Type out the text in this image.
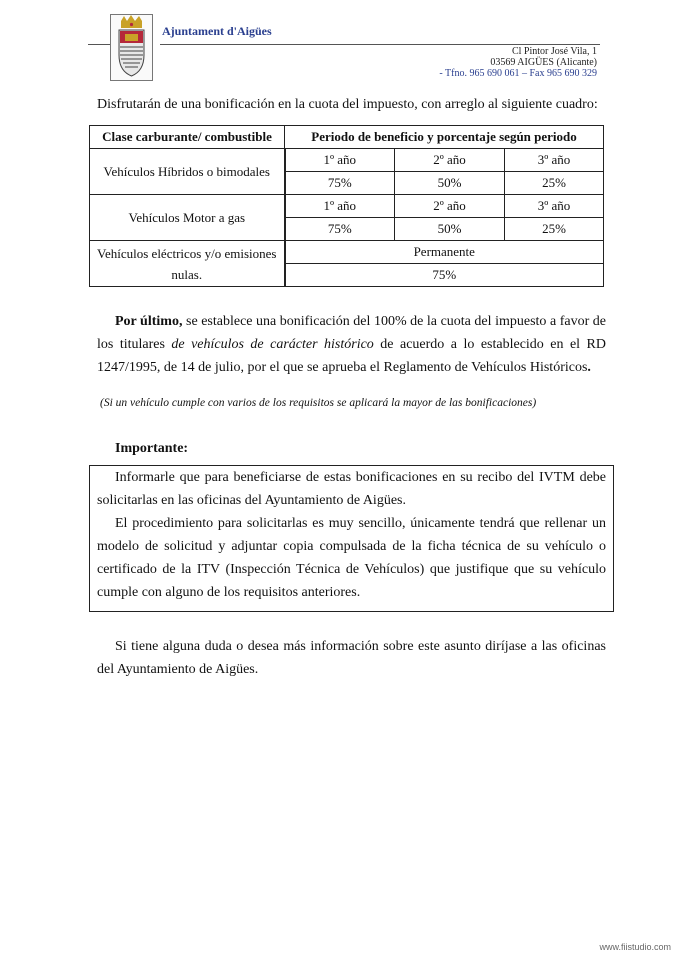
Ajuntament d'Aigües
Cl Pintor José Vila, 1
03569 AIGÜES (Alicante)
- Tfno. 965 690 061 – Fax 965 690 329
Disfrutarán de una bonificación en la cuota del impuesto, con arreglo al siguiente cuadro:
Clase carburante/ combustible	Periodo de beneficio y porcentaje según periodo		
Vehículos Híbridos o bimodales	1º año	2º año	3º año
	75%	50%	25%
Vehículos Motor a gas	1º año	2º año	3º año
	75%	50%	25%
Vehículos eléctricos y/o emisiones nulas.	Permanente		
	75%		
Por último, se establece una bonificación del 100% de la cuota del impuesto a favor de los titulares de vehículos de carácter histórico de acuerdo a lo establecido en el RD 1247/1995, de 14 de julio, por el que se aprueba el Reglamento de Vehículos Históricos.
(Si un vehículo cumple con varios de los requisitos se aplicará la mayor de las bonificaciones)
Importante:
Informarle que para beneficiarse de estas bonificaciones en su recibo del IVTM debe solicitarlas en las oficinas del Ayuntamiento de Aigües.
El procedimiento para solicitarlas es muy sencillo, únicamente tendrá que rellenar un modelo de solicitud y adjuntar copia compulsada de la ficha técnica de su vehículo o certificado de la ITV (Inspección Técnica de Vehículos) que justifique que su vehículo cumple con alguno de los requisitos anteriores.
Si tiene alguna duda o desea más información sobre este asunto diríjase a las oficinas del Ayuntamiento de Aigües.
www.fiistudio.com
